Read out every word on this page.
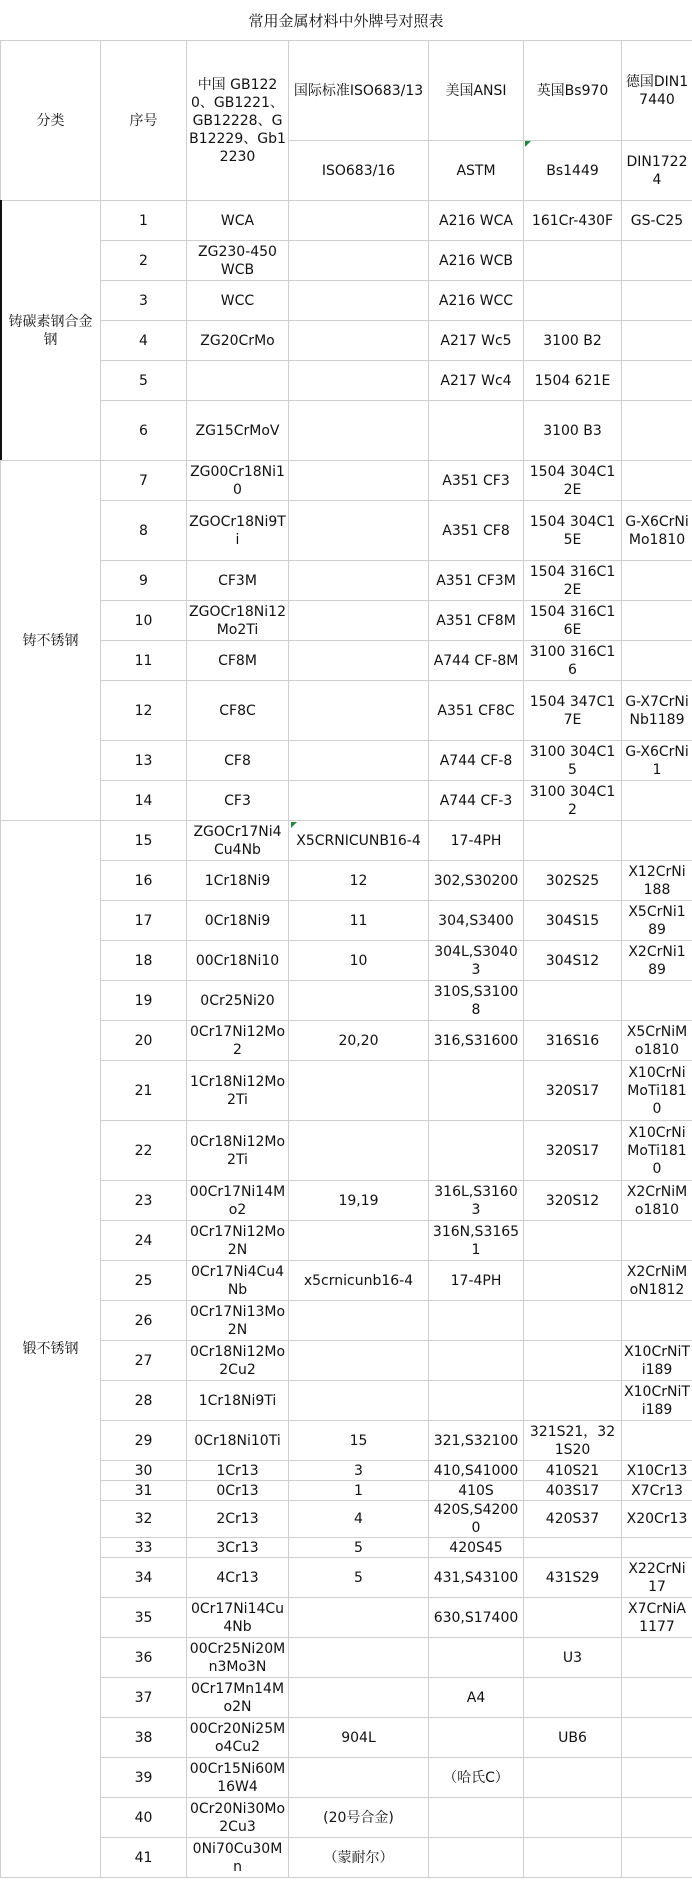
常用金属材料中外牌号对照表
分类	序号	中国 GB1220、GB1221、GB12228、GB12229、Gb12230	国际标准ISO683/13	美国ANSI	英国Bs970	德国DIN17440
			ISO683/16	ASTM	Bs1449	DIN17224
铸碳素钢合金钢	1	WCA		A216 WCA	161Cr-430F	GS-C25
	2	ZG230-450 WCB		A216 WCB		
	3	WCC		A216 WCC		
	4	ZG20CrMo		A217 Wc5	3100 B2	
	5			A217 Wc4	1504 621E	
	6	ZG15CrMoV			3100 B3	
铸不锈钢	7	ZG00Cr18Ni10		A351 CF3	1504 304C12E	
	8	ZGOCr18Ni9Ti		A351 CF8	1504 304C15E	G-X6CrNiMo1810
	9	CF3M		A351 CF3M	1504 316C12E	
	10	ZGOCr18Ni12Mo2Ti		A351 CF8M	1504 316C16E	
	11	CF8M		A744 CF-8M	3100 316C16	
	12	CF8C		A351 CF8C	1504 347C17E	G-X7CrNiNb1189
	13	CF8		A744 CF-8	3100 304C15	G-X6CrNi1
	14	CF3		A744 CF-3	3100 304C12	
锻不锈钢	15	ZGOCr17Ni4Cu4Nb	X5CRNICUNB16-4	17-4PH		
	16	1Cr18Ni9	12	302,S30200	302S25	X12CrNi188
	17	0Cr18Ni9	11	304,S3400	304S15	X5CrNi189
	18	00Cr18Ni10	10	304L,S30403	304S12	X2CrNi189
	19	0Cr25Ni20		310S,S31008		
	20	0Cr17Ni12Mo2	20,20	316,S31600	316S16	X5CrNiMo1810
	21	1Cr18Ni12Mo2Ti			320S17	X10CrNiMoTi1810
	22	0Cr18Ni12Mo2Ti			320S17	X10CrNiMoTi1810
	23	00Cr17Ni14Mo2	19,19	316L,S31603	320S12	X2CrNiMo1810
	24	0Cr17Ni12Mo2N		316N,S31651		
	25	0Cr17Ni4Cu4Nb	x5crnicunb16-4	17-4PH		X2CrNiMoN1812
	26	0Cr17Ni13Mo2N				
	27	0Cr18Ni12Mo2Cu2				X10CrNiTi189
	28	1Cr18Ni9Ti				X10CrNiTi189
	29	0Cr18Ni10Ti	15	321,S32100	321S21，321S20	
	30	1Cr13	3	410,S41000	410S21	X10Cr13
	31	0Cr13	1	410S	403S17	X7Cr13
	32	2Cr13	4	420S,S42000	420S37	X20Cr13
	33	3Cr13	5	420S45		
	34	4Cr13	5	431,S43100	431S29	X22CrNi17
	35	0Cr17Ni14Cu4Nb		630,S17400		X7CrNiA1177
	36	00Cr25Ni20Mn3Mo3N			U3	
	37	0Cr17Mn14Mo2N		A4		
	38	00Cr20Ni25Mo4Cu2	904L		UB6	
	39	00Cr15Ni60M16W4		（哈氏C）		
	40	0Cr20Ni30Mo2Cu3	(20号合金)			
	41	0Ni70Cu30Mn	（蒙耐尔）			
